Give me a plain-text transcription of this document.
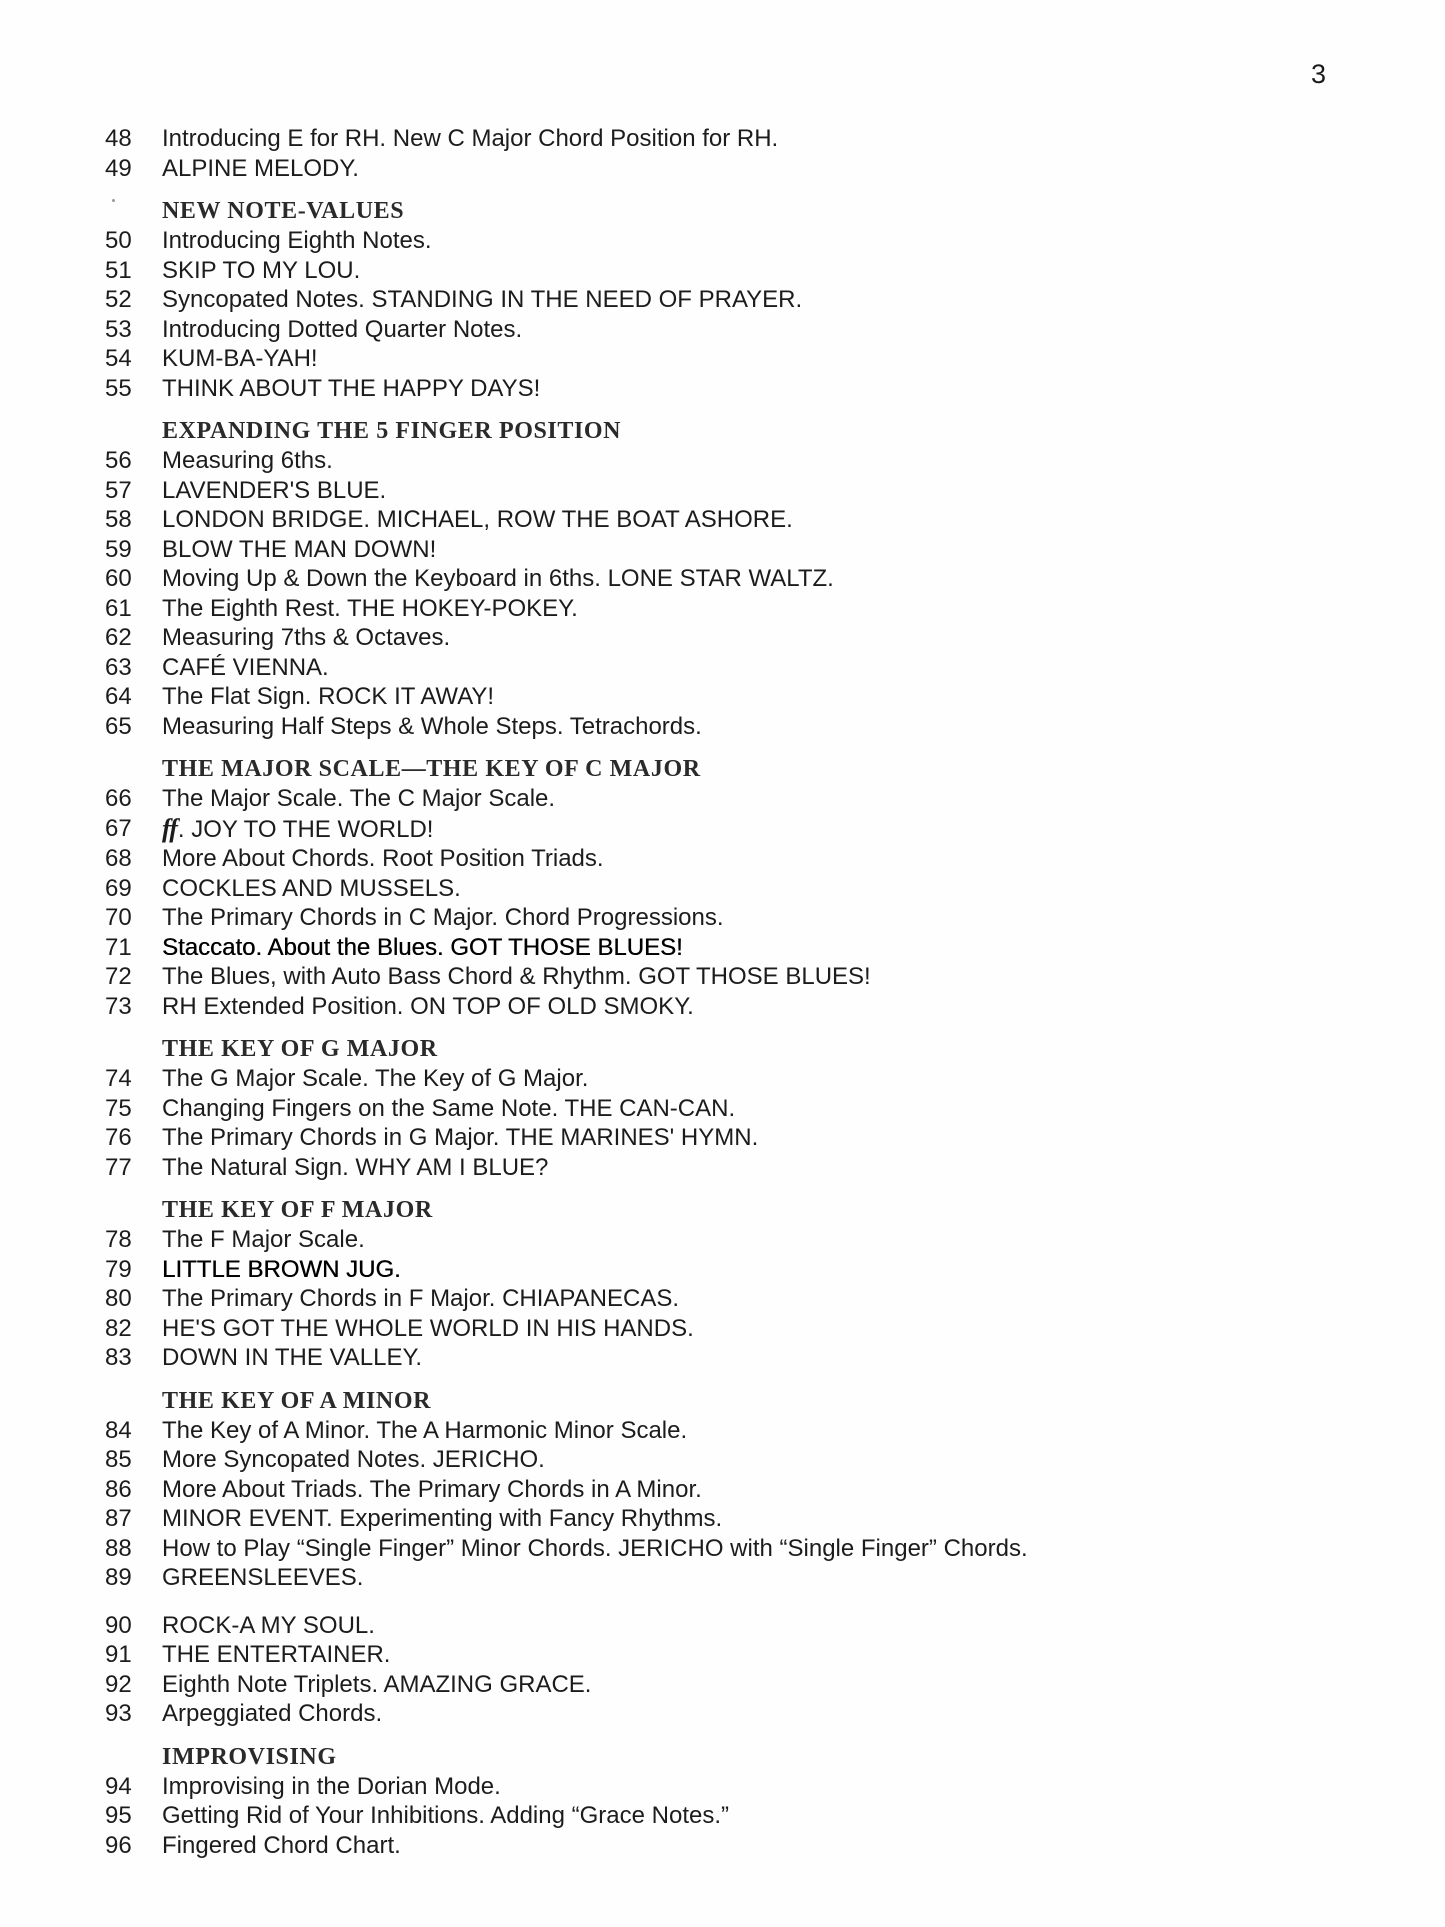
3
48	Introducing E for RH. New C Major Chord Position for RH.
49	ALPINE MELODY.
NEW NOTE-VALUES
50	Introducing Eighth Notes.
51	SKIP TO MY LOU.
52	Syncopated Notes. STANDING IN THE NEED OF PRAYER.
53	Introducing Dotted Quarter Notes.
54	KUM-BA-YAH!
55	THINK ABOUT THE HAPPY DAYS!
EXPANDING THE 5 FINGER POSITION
56	Measuring 6ths.
57	LAVENDER'S BLUE.
58	LONDON BRIDGE. MICHAEL, ROW THE BOAT ASHORE.
59	BLOW THE MAN DOWN!
60	Moving Up & Down the Keyboard in 6ths. LONE STAR WALTZ.
61	The Eighth Rest. THE HOKEY-POKEY.
62	Measuring 7ths & Octaves.
63	CAFÉ VIENNA.
64	The Flat Sign. ROCK IT AWAY!
65	Measuring Half Steps & Whole Steps. Tetrachords.
THE MAJOR SCALE—THE KEY OF C MAJOR
66	The Major Scale. The C Major Scale.
67	ff. JOY TO THE WORLD!
68	More About Chords. Root Position Triads.
69	COCKLES AND MUSSELS.
70	The Primary Chords in C Major. Chord Progressions.
71	Staccato. About the Blues. GOT THOSE BLUES!
72	The Blues, with Auto Bass Chord & Rhythm. GOT THOSE BLUES!
73	RH Extended Position. ON TOP OF OLD SMOKY.
THE KEY OF G MAJOR
74	The G Major Scale. The Key of G Major.
75	Changing Fingers on the Same Note. THE CAN-CAN.
76	The Primary Chords in G Major. THE MARINES' HYMN.
77	The Natural Sign. WHY AM I BLUE?
THE KEY OF F MAJOR
78	The F Major Scale.
79	LITTLE BROWN JUG.
80	The Primary Chords in F Major. CHIAPANECAS.
82	HE'S GOT THE WHOLE WORLD IN HIS HANDS.
83	DOWN IN THE VALLEY.
THE KEY OF A MINOR
84	The Key of A Minor. The A Harmonic Minor Scale.
85	More Syncopated Notes. JERICHO.
86	More About Triads. The Primary Chords in A Minor.
87	MINOR EVENT. Experimenting with Fancy Rhythms.
88	How to Play “Single Finger” Minor Chords. JERICHO with “Single Finger” Chords.
89	GREENSLEEVES.
90	ROCK-A MY SOUL.
91	THE ENTERTAINER.
92	Eighth Note Triplets. AMAZING GRACE.
93	Arpeggiated Chords.
IMPROVISING
94	Improvising in the Dorian Mode.
95	Getting Rid of Your Inhibitions. Adding “Grace Notes.”
96	Fingered Chord Chart.
